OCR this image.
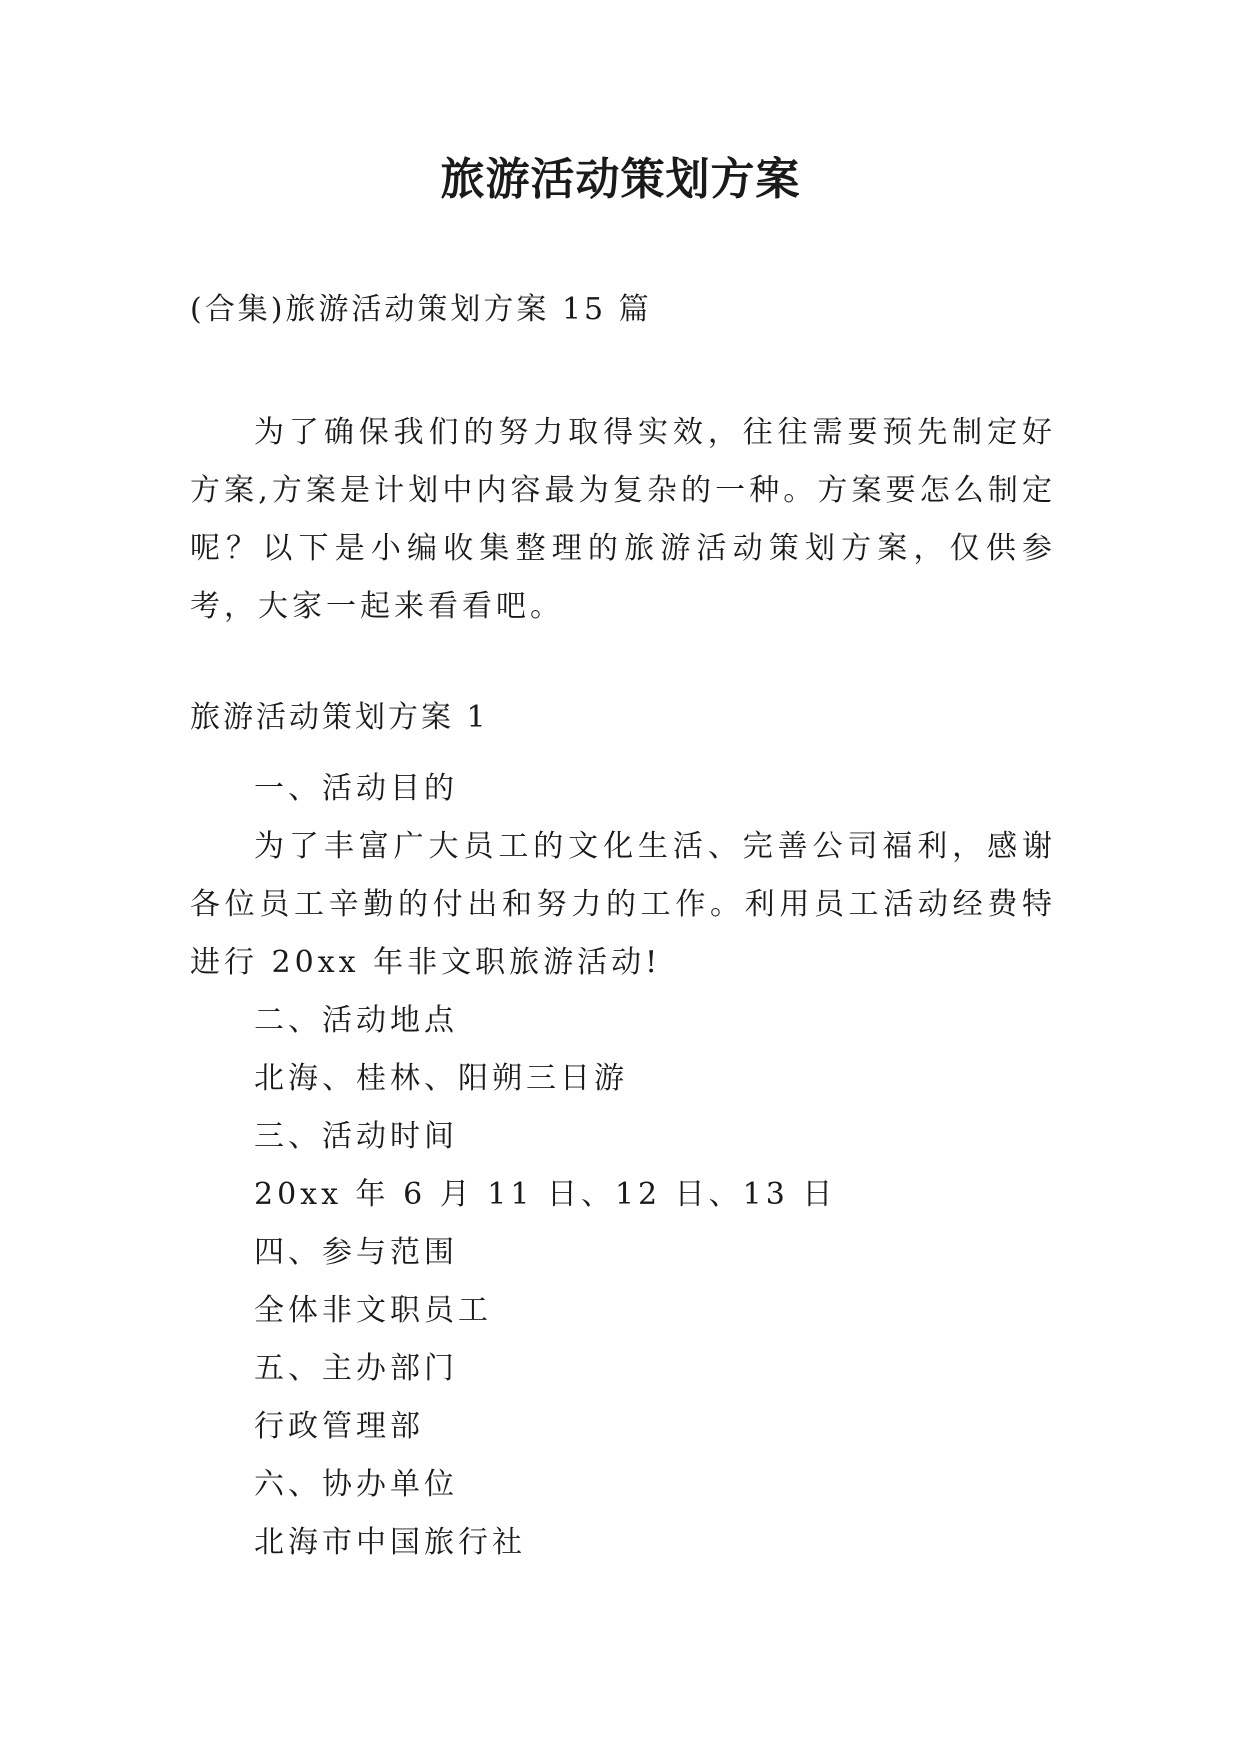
旅游活动策划方案
(合集)旅游活动策划方案 15 篇

为了确保我们的努力取得实效，往往需要预先制定好方案,方案是计划中内容最为复杂的一种。方案要怎么制定呢？以下是小编收集整理的旅游活动策划方案，仅供参考，大家一起来看看吧。

旅游活动策划方案 1

一、活动目的

为了丰富广大员工的文化生活、完善公司福利，感谢各位员工辛勤的付出和努力的工作。利用员工活动经费特进行 20xx 年非文职旅游活动!

二、活动地点

北海、桂林、阳朔三日游

三、活动时间

20xx 年 6 月 11 日、12 日、13 日

四、参与范围

全体非文职员工

五、主办部门

行政管理部

六、协办单位

北海市中国旅行社
